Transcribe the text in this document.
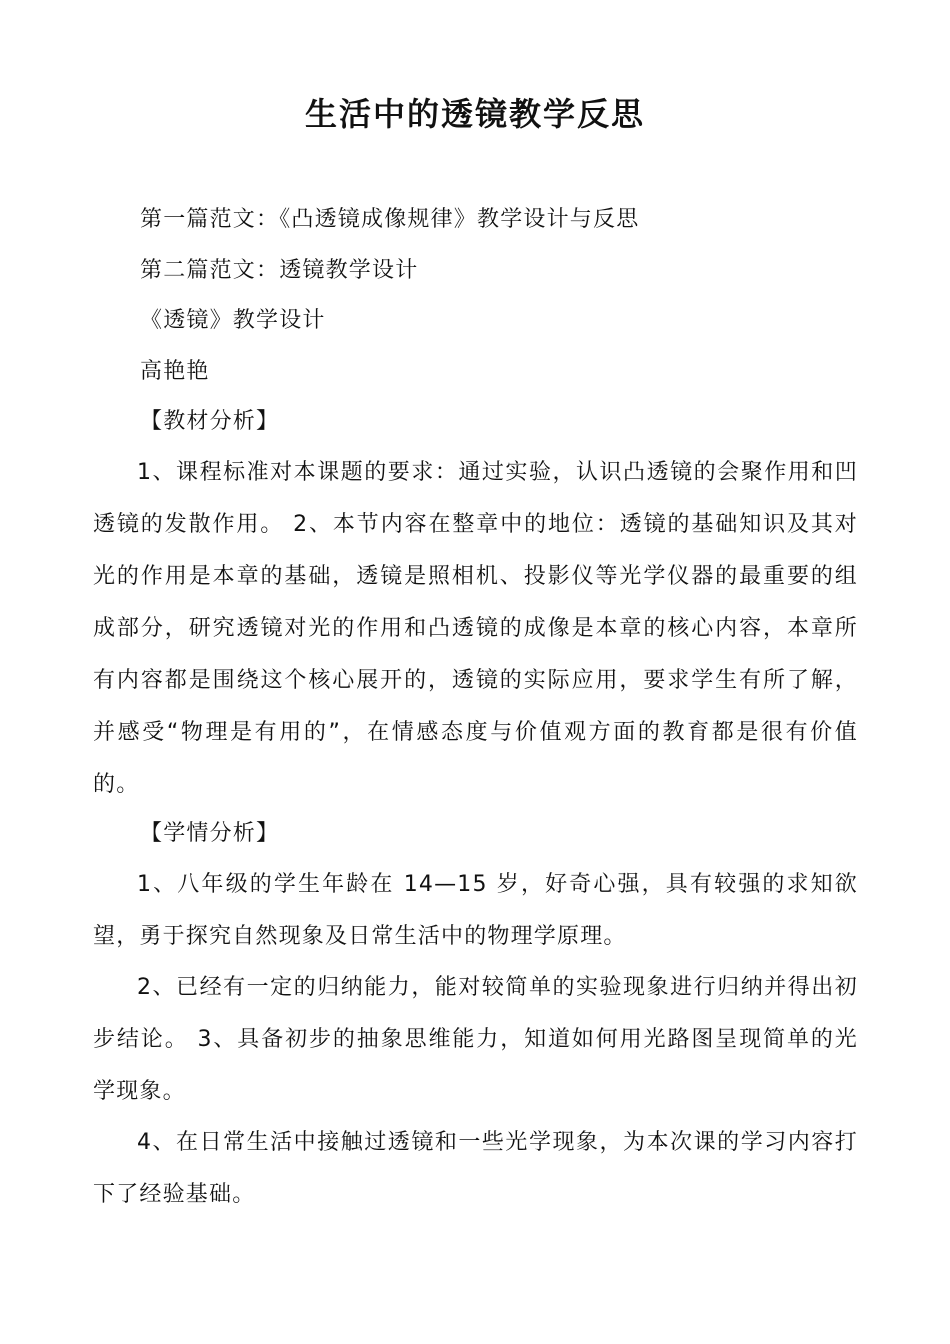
生活中的透镜教学反思
第一篇范文：《凸透镜成像规律》教学设计与反思
第二篇范文：透镜教学设计
《透镜》教学设计
高艳艳
【教材分析】
1、课程标准对本课题的要求：通过实验，认识凸透镜的会聚作用和凹透镜的发散作用。 2、本节内容在整章中的地位：透镜的基础知识及其对光的作用是本章的基础，透镜是照相机、投影仪等光学仪器的最重要的组成部分，研究透镜对光的作用和凸透镜的成像是本章的核心内容，本章所有内容都是围绕这个核心展开的，透镜的实际应用，要求学生有所了解，并感受“物理是有用的”，在情感态度与价值观方面的教育都是很有价值的。
【学情分析】
1、八年级的学生年龄在 14—15 岁，好奇心强，具有较强的求知欲望，勇于探究自然现象及日常生活中的物理学原理。
2、已经有一定的归纳能力，能对较简单的实验现象进行归纳并得出初步结论。 3、具备初步的抽象思维能力，知道如何用光路图呈现简单的光学现象。
4、在日常生活中接触过透镜和一些光学现象，为本次课的学习内容打下了经验基础。
